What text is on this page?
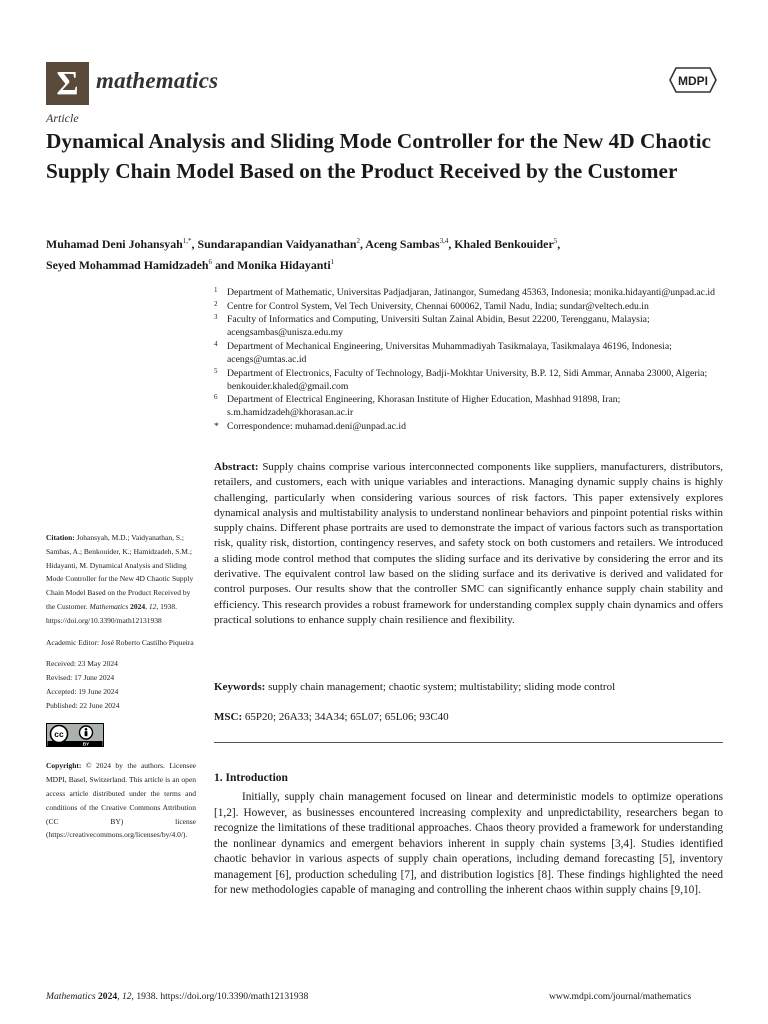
Σ mathematics	MDPI
Article
Dynamical Analysis and Sliding Mode Controller for the New 4D Chaotic Supply Chain Model Based on the Product Received by the Customer
Muhamad Deni Johansyah$^{1,*}$, Sundarapandian Vaidyanathan$^2$, Aceng Sambas$^{3,4}$, Khaled Benkouider$^5$,
Seyed Mohammad Hamidzadeh$^6$ and Monika Hidayanti$^1$
1 Department of Mathematic, Universitas Padjadjaran, Jatinangor, Sumedang 45363, Indonesia; monika.hidayanti@unpad.ac.id
2 Centre for Control System, Vel Tech University, Chennai 600062, Tamil Nadu, India; sundar@veltech.edu.in
3 Faculty of Informatics and Computing, Universiti Sultan Zainal Abidin, Besut 22200, Terengganu, Malaysia; acengsambas@unisza.edu.my
4 Department of Mechanical Engineering, Universitas Muhammadiyah Tasikmalaya, Tasikmalaya 46196, Indonesia; acengs@umtas.ac.id
5 Department of Electronics, Faculty of Technology, Badji-Mokhtar University, B.P. 12, Sidi Ammar, Annaba 23000, Algeria; benkouider.khaled@gmail.com
6 Department of Electrical Engineering, Khorasan Institute of Higher Education, Mashhad 91898, Iran; s.m.hamidzadeh@khorasan.ac.ir
* Correspondence: muhamad.deni@unpad.ac.id
Abstract: Supply chains comprise various interconnected components like suppliers, manufacturers, distributors, retailers, and customers, each with unique variables and interactions. Managing dynamic supply chains is highly challenging, particularly when considering various sources of risk factors. This paper extensively explores dynamical analysis and multistability analysis to understand nonlinear behaviors and pinpoint potential risks within supply chains. Different phase portraits are used to demonstrate the impact of various factors such as transportation risk, quality risk, distortion, contingency reserves, and safety stock on both customers and retailers. We introduced a sliding mode control method that computes the sliding surface and its derivative by considering the error and its derivative. The equivalent control law based on the sliding surface and its derivative is derived and validated for control purposes. Our results show that the controller SMC can significantly enhance supply chain stability and efficiency. This research provides a robust framework for understanding complex supply chain dynamics and offers practical solutions to enhance supply chain resilience and flexibility.
Keywords: supply chain management; chaotic system; multistability; sliding mode control
MSC: 65P20; 26A33; 34A34; 65L07; 65L06; 93C40
1. Introduction
Initially, supply chain management focused on linear and deterministic models to optimize operations [1,2]. However, as businesses encountered increasing complexity and unpredictability, researchers began to recognize the limitations of these traditional approaches. Chaos theory provided a framework for understanding the nonlinear dynamics and emergent behaviors inherent in supply chain systems [3,4]. Studies identified chaotic behavior in various aspects of supply chain operations, including demand forecasting [5], inventory management [6], production scheduling [7], and distribution logistics [8]. These findings highlighted the need for new methodologies capable of managing and controlling the inherent chaos within supply chains [9,10].

Citation: Johansyah, M.D.; Vaidyanathan, S.; Sambas, A.; Benkouider, K.; Hamidzadeh, S.M.; Hidayanti, M. Dynamical Analysis and Sliding Mode Controller for the New 4D Chaotic Supply Chain Model Based on the Product Received by the Customer. Mathematics 2024, 12, 1938. https://doi.org/10.3390/math12131938

Academic Editor: José Roberto Castilho Piqueira

Received: 23 May 2024
Revised: 17 June 2024
Accepted: 19 June 2024
Published: 22 June 2024

cc
BY

Copyright: © 2024 by the authors. Licensee MDPI, Basel, Switzerland. This article is an open access article distributed under the terms and conditions of the Creative Commons Attribution (CC BY) license (https://creativecommons.org/licenses/by/4.0/).

Mathematics 2024, 12, 1938. https://doi.org/10.3390/math12131938	www.mdpi.com/journal/mathematics
